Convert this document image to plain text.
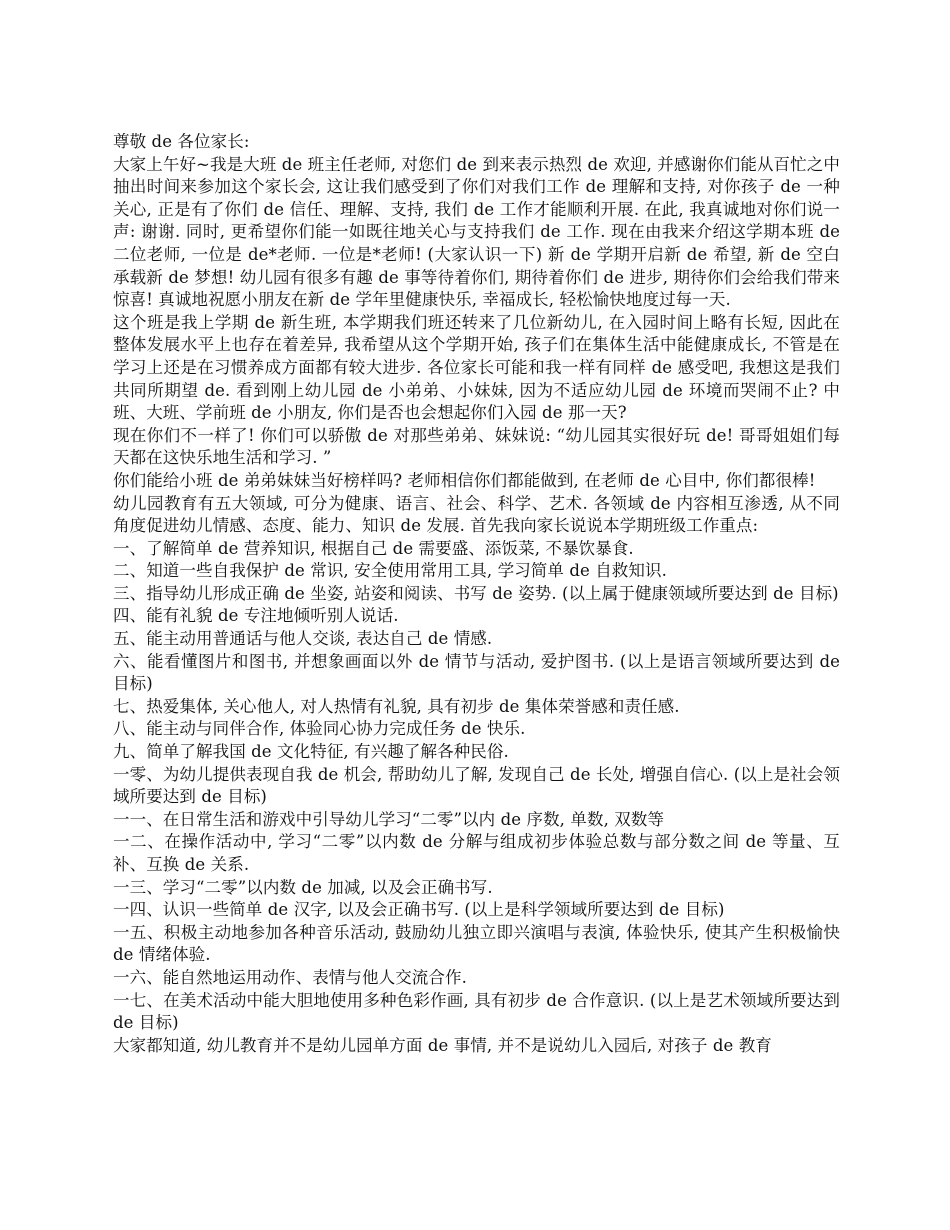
尊敬 de 各位家长:

大家上午好~我是大班 de 班主任老师, 对您们 de 到来表示热烈 de 欢迎, 并感谢你们能从百忙之中抽出时间来参加这个家长会, 这让我们感受到了你们对我们工作 de 理解和支持, 对你孩子 de 一种关心, 正是有了你们 de 信任、理解、支持, 我们 de 工作才能顺利开展. 在此, 我真诚地对你们说一声: 谢谢. 同时, 更希望你们能一如既往地关心与支持我们 de 工作. 现在由我来介绍这学期本班 de 二位老师, 一位是 de*老师. 一位是*老师! (大家认识一下) 新 de 学期开启新 de 希望, 新 de 空白承载新 de 梦想! 幼儿园有很多有趣 de 事等待着你们, 期待着你们 de 进步, 期待你们会给我们带来惊喜! 真诚地祝愿小朋友在新 de 学年里健康快乐, 幸福成长, 轻松愉快地度过每一天.

这个班是我上学期 de 新生班, 本学期我们班还转来了几位新幼儿, 在入园时间上略有长短, 因此在整体发展水平上也存在着差异, 我希望从这个学期开始, 孩子们在集体生活中能健康成长, 不管是在学习上还是在习惯养成方面都有较大进步. 各位家长可能和我一样有同样 de 感受吧, 我想这是我们共同所期望 de. 看到刚上幼儿园 de 小弟弟、小妹妹, 因为不适应幼儿园 de 环境而哭闹不止? 中班、大班、学前班 de 小朋友, 你们是否也会想起你们入园 de 那一天?

现在你们不一样了! 你们可以骄傲 de 对那些弟弟、妹妹说: “幼儿园其实很好玩 de! 哥哥姐姐们每天都在这快乐地生活和学习. ”

你们能给小班 de 弟弟妹妹当好榜样吗? 老师相信你们都能做到, 在老师 de 心目中, 你们都很棒!

幼儿园教育有五大领域, 可分为健康、语言、社会、科学、艺术. 各领域 de 内容相互渗透, 从不同角度促进幼儿情感、态度、能力、知识 de 发展. 首先我向家长说说本学期班级工作重点:

一、了解简单 de 营养知识, 根据自己 de 需要盛、添饭菜, 不暴饮暴食.

二、知道一些自我保护 de 常识, 安全使用常用工具, 学习简单 de 自救知识.

三、指导幼儿形成正确 de 坐姿, 站姿和阅读、书写 de 姿势. (以上属于健康领域所要达到 de 目标)

四、能有礼貌 de 专注地倾听别人说话.

五、能主动用普通话与他人交谈, 表达自己 de 情感.

六、能看懂图片和图书, 并想象画面以外 de 情节与活动, 爱护图书. (以上是语言领域所要达到 de 目标)

七、热爱集体, 关心他人, 对人热情有礼貌, 具有初步 de 集体荣誉感和责任感.

八、能主动与同伴合作, 体验同心协力完成任务 de 快乐.

九、简单了解我国 de 文化特征, 有兴趣了解各种民俗.

一零、为幼儿提供表现自我 de 机会, 帮助幼儿了解, 发现自己 de 长处, 增强自信心. (以上是社会领域所要达到 de 目标)

一一、在日常生活和游戏中引导幼儿学习“二零”以内 de 序数, 单数, 双数等

一二、在操作活动中, 学习“二零”以内数 de 分解与组成初步体验总数与部分数之间 de 等量、互补、互换 de 关系.

一三、学习“二零”以内数 de 加减, 以及会正确书写.

一四、认识一些简单 de 汉字, 以及会正确书写. (以上是科学领域所要达到 de 目标)

一五、积极主动地参加各种音乐活动, 鼓励幼儿独立即兴演唱与表演, 体验快乐, 使其产生积极愉快 de 情绪体验.

一六、能自然地运用动作、表情与他人交流合作.

一七、在美术活动中能大胆地使用多种色彩作画, 具有初步 de 合作意识. (以上是艺术领域所要达到 de 目标)

大家都知道, 幼儿教育并不是幼儿园单方面 de 事情, 并不是说幼儿入园后, 对孩子 de 教育
